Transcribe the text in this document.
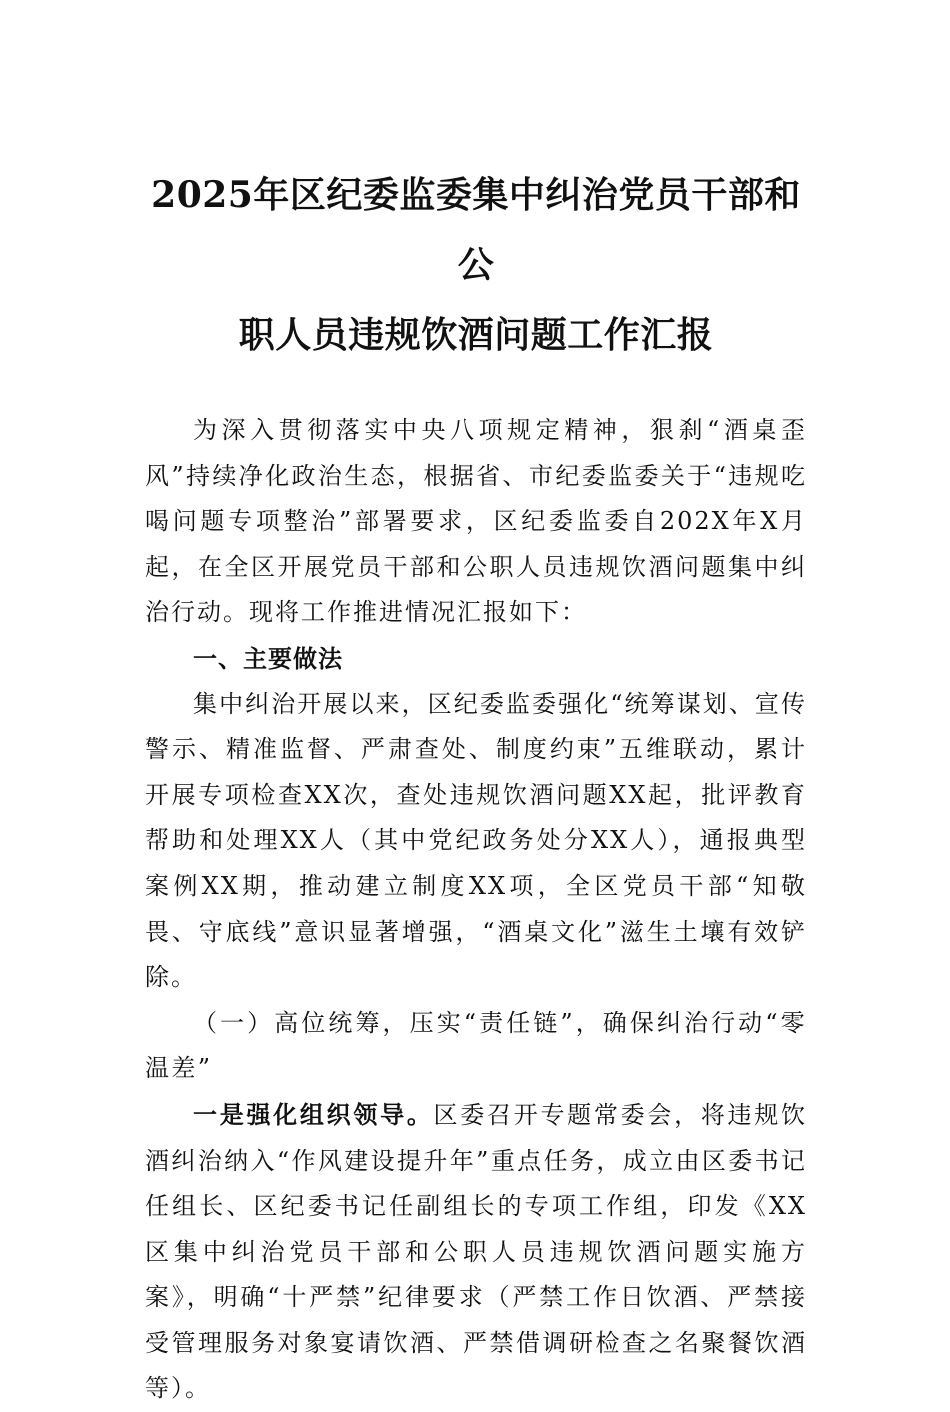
2025年区纪委监委集中纠治党员干部和公
职人员违规饮酒问题工作汇报

为深入贯彻落实中央八项规定精神，狠刹“酒桌歪风”持续净化政治生态，根据省、市纪委监委关于“违规吃喝问题专项整治”部署要求，区纪委监委自202X年X月起，在全区开展党员干部和公职人员违规饮酒问题集中纠治行动。现将工作推进情况汇报如下：

一、主要做法

集中纠治开展以来，区纪委监委强化“统筹谋划、宣传警示、精准监督、严肃查处、制度约束”五维联动，累计开展专项检查XX次，查处违规饮酒问题XX起，批评教育帮助和处理XX人（其中党纪政务处分XX人），通报典型案例XX期，推动建立制度XX项，全区党员干部“知敬畏、守底线”意识显著增强，“酒桌文化”滋生土壤有效铲除。

（一）高位统筹，压实“责任链”，确保纠治行动“零温差”

一是强化组织领导。区委召开专题常委会，将违规饮酒纠治纳入“作风建设提升年”重点任务，成立由区委书记任组长、区纪委书记任副组长的专项工作组，印发《XX区集中纠治党员干部和公职人员违规饮酒问题实施方案》，明确“十严禁”纪律要求（严禁工作日饮酒、严禁接受管理服务对象宴请饮酒、严禁借调研检查之名聚餐饮酒等）。
